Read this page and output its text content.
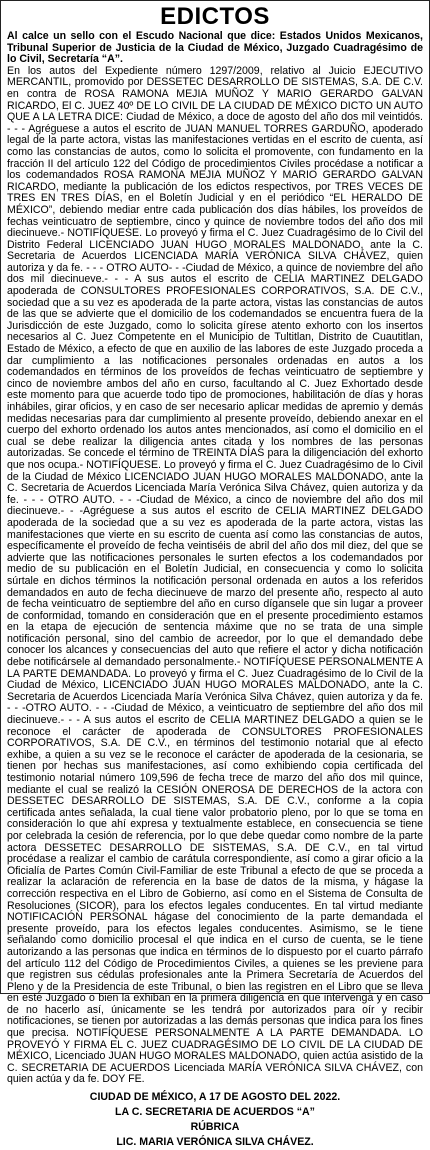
EDICTOS

Al calce un sello con el Escudo Nacional que dice: Estados Unidos Mexicanos, Tribunal Superior de Justicia de la Ciudad de México, Juzgado Cuadragésimo de lo Civil, Secretaría “A”.

En los autos del Expediente número 1297/2009, relativo al Juicio EJECUTIVO MERCANTIL, promovido por DESSETEC DESARROLLO DE SISTEMAS, S.A. DE C.V. en contra de ROSA RAMONA MEJIA MUÑOZ Y MARIO GERARDO GALVAN RICARDO, El C. JUEZ 40º DE LO CIVIL DE LA CIUDAD DE MÉXICO DICTO UN AUTO QUE A LA LETRA DICE: Ciudad de México, a doce de agosto del año dos mil veintidós. - - - Agréguese a autos el escrito de JUAN MANUEL TORRES GARDUÑO, apoderado legal de la parte actora, vistas las manifestaciones vertidas en el escrito de cuenta, así como las constancias de autos, como lo solicita el promovente, con fundamento en la fracción II del artículo 122 del Código de procedimientos Civiles procédase a notificar a los codemandados ROSA RAMONA MEJIA MUÑOZ Y MARIO GERARDO GALVAN RICARDO, mediante la publicación de los edictos respectivos, por TRES VECES DE TRES EN TRES DÍAS, en el Boletín Judicial y en el periódico “EL HERALDO DE MÉXICO”, debiendo mediar entre cada publicación dos días hábiles, los proveídos de fechas veinticuatro de septiembre, cinco y quince de noviembre todos del año dos mil diecinueve.- NOTIFÍQUESE. Lo proveyó y firma el C. Juez Cuadragésimo de lo Civil del Distrito Federal LICENCIADO JUAN HUGO MORALES MALDONADO, ante la C. Secretaria de Acuerdos LICENCIADA MARÍA VERÓNICA SILVA CHÁVEZ, quien autoriza y da fe. - - - OTRO AUTO- - -Ciudad de México, a quince de noviembre del año dos mil diecinueve.- - - A sus autos el escrito de CELIA MARTINEZ DELGADO apoderada de CONSULTORES PROFESIONALES CORPORATIVOS, S.A. DE C.V., sociedad que a su vez es apoderada de la parte actora, vistas las constancias de autos de las que se advierte que el domicilio de los codemandados se encuentra fuera de la Jurisdicción de este Juzgado, como lo solicita gírese atento exhorto con los insertos necesarios al C. Juez Competente en el Municipio de Tultitlan, Distrito de Cuautitlan, Estado de México, a efecto de que en auxilio de las labores de este Juzgado proceda a dar cumplimiento a las notificaciones personales ordenadas en autos a los codemandados en términos de los proveídos de fechas veinticuatro de septiembre y cinco de noviembre ambos del año en curso, facultando al C. Juez Exhortado desde este momento para que acuerde todo tipo de promociones, habilitación de días y horas inhábiles, girar oficios, y en caso de ser necesario aplicar medidas de apremio y demás medidas necesarias para dar cumplimiento al presente proveído, debiendo anexar en el cuerpo del exhorto ordenado los autos antes mencionados, así como el domicilio en el cual se debe realizar la diligencia antes citada y los nombres de las personas autorizadas. Se concede el término de TREINTA DÍAS para la diligenciación del exhorto que nos ocupa.- NOTIFÍQUESE. Lo proveyó y firma el C. Juez Cuadragésimo de lo Civil de la Ciudad de México LICENCIADO JUAN HUGO MORALES MALDONADO, ante la C. Secretaria de Acuerdos Licenciada María Verónica Silva Chávez, quien autoriza y da fe. - - - OTRO AUTO. - - -Ciudad de México, a cinco de noviembre del año dos mil diecinueve.- - -Agréguese a sus autos el escrito de CELIA MARTINEZ DELGADO apoderada de la sociedad que a su vez es apoderada de la parte actora, vistas las manifestaciones que vierte en su escrito de cuenta así como las constancias de autos, específicamente el proveído de fecha veintiséis de abril del año dos mil diez, del que se advierte que las notificaciones personales le surten efectos a los codemandados por medio de su publicación en el Boletín Judicial, en consecuencia y como lo solicita súrtale en dichos términos la notificación personal ordenada en autos a los referidos demandados en auto de fecha diecinueve de marzo del presente año, respecto al auto de fecha veinticuatro de septiembre del año en curso dígansele que sin lugar a proveer de conformidad, tomando en consideración que en el presente procedimiento estamos en la etapa de ejecución de sentencia máxime que no se trata de una simple notificación personal, sino del cambio de acreedor, por lo que el demandado debe conocer los alcances y consecuencias del auto que refiere el actor y dicha notificación debe notificársele al demandado personalmente.- NOTIFÍQUESE PERSONALMENTE A LA PARTE DEMANDADA. Lo proveyó y firma el C. Juez Cuadragésimo de lo Civil de la Ciudad de México, LICENCIADO JUAN HUGO MORALES MALDONADO, ante la C. Secretaria de Acuerdos Licenciada María Verónica Silva Chávez, quien autoriza y da fe. - - -OTRO AUTO. - - -Ciudad de México, a veinticuatro de septiembre del año dos mil diecinueve.- - - A sus autos el escrito de CELIA MARTINEZ DELGADO a quien se le reconoce el carácter de apoderada de CONSULTORES PROFESIONALES CORPORATIVOS, S.A. DE C.V., en términos del testimonio notarial que al efecto exhibe, a quien a su vez se le reconoce el carácter de apoderada de la cesionaria, se tienen por hechas sus manifestaciones, así como exhibiendo copia certificada del testimonio notarial número 109,596 de fecha trece de marzo del año dos mil quince, mediante el cual se realizó la CESIÓN ONEROSA DE DERECHOS de la actora con DESSETEC DESARROLLO DE SISTEMAS, S.A. DE C.V., conforme a la copia certificada antes señalada, la cual tiene valor probatorio pleno, por lo que se toma en consideración lo que ahí expresa y textualmente establece, en consecuencia se tiene por celebrada la cesión de referencia, por lo que debe quedar como nombre de la parte actora DESSETEC DESARROLLO DE SISTEMAS, S.A. DE C.V., en tal virtud procédase a realizar el cambio de carátula correspondiente, así como a girar oficio a la Oficialía de Partes Común Civil-Familiar de este Tribunal a efecto de que se proceda a realizar la aclaración de referencia en la base de datos de la misma, y hágase la corrección respectiva en el Libro de Gobierno, así como en el Sistema de Consulta de Resoluciones (SICOR), para los efectos legales conducentes. En tal virtud mediante NOTIFICACIÓN PERSONAL hágase del conocimiento de la parte demandada el presente proveído, para los efectos legales conducentes. Asimismo, se le tiene señalando como domicilio procesal el que indica en el curso de cuenta, se le tiene autorizando a las personas que indica en términos de lo dispuesto por el cuarto párrafo del artículo 112 del Código de Procedimientos Civiles, a quienes se les previene para que registren sus cédulas profesionales ante la Primera Secretaría de Acuerdos del Pleno y de la Presidencia de este Tribunal, o bien las registren en el Libro que se lleva en este Juzgado o bien la exhiban en la primera diligencia en que intervenga y en caso de no hacerlo así, únicamente se les tendrá por autorizados para oír y recibir notificaciones, se tienen por autorizadas a las demás personas que indica para los fines que precisa. NOTIFÍQUESE PERSONALMENTE A LA PARTE DEMANDADA. LO PROVEYÓ Y FIRMA EL C. JUEZ CUADRAGÉSIMO DE LO CIVIL DE LA CIUDAD DE MÉXICO, Licenciado JUAN HUGO MORALES MALDONADO, quien actúa asistido de la C. SECRETARIA DE ACUERDOS Licenciada MARÍA VERÓNICA SILVA CHÁVEZ, con quien actúa y da fe. DOY FE.

CIUDAD DE MÉXICO, A 17 DE AGOSTO DEL 2022.
LA C. SECRETARIA DE ACUERDOS “A”
RÚBRICA
LIC. MARIA VERÓNICA SILVA CHÁVEZ.
